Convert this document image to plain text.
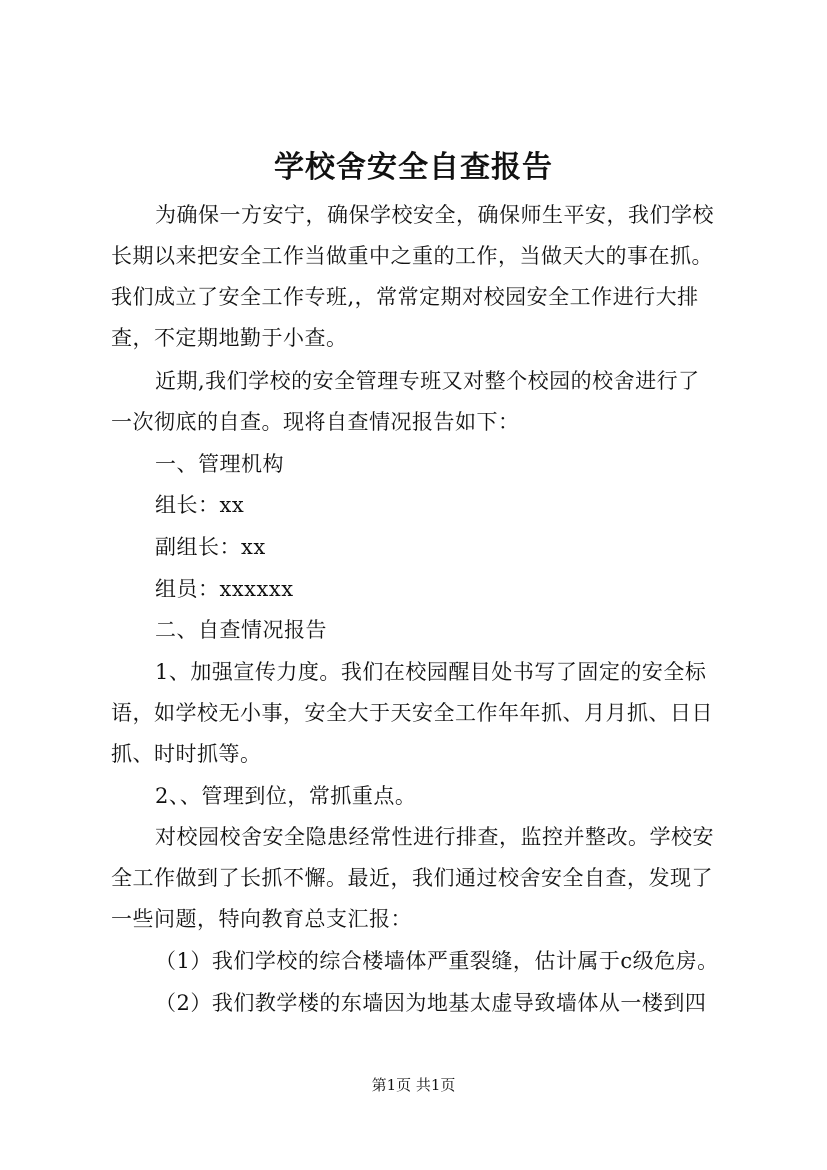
学校舍安全自查报告
为确保一方安宁，确保学校安全，确保师生平安，我们学校
长期以来把安全工作当做重中之重的工作，当做天大的事在抓。
我们成立了安全工作专班,，常常定期对校园安全工作进行大排
查，不定期地勤于小查。
近期,我们学校的安全管理专班又对整个校园的校舍进行了
一次彻底的自查。现将自查情况报告如下：
一、管理机构
组长：xx
副组长：xx
组员：xxxxxx
二、自查情况报告
1、加强宣传力度。我们在校园醒目处书写了固定的安全标
语，如学校无小事，安全大于天安全工作年年抓、月月抓、日日
抓、时时抓等。
2、、管理到位，常抓重点。
对校园校舍安全隐患经常性进行排查，监控并整改。学校安
全工作做到了长抓不懈。最近，我们通过校舍安全自查，发现了
一些问题，特向教育总支汇报：
（1）我们学校的综合楼墙体严重裂缝，估计属于c级危房。
（2）我们教学楼的东墙因为地基太虚导致墙体从一楼到四
第1页 共1页
